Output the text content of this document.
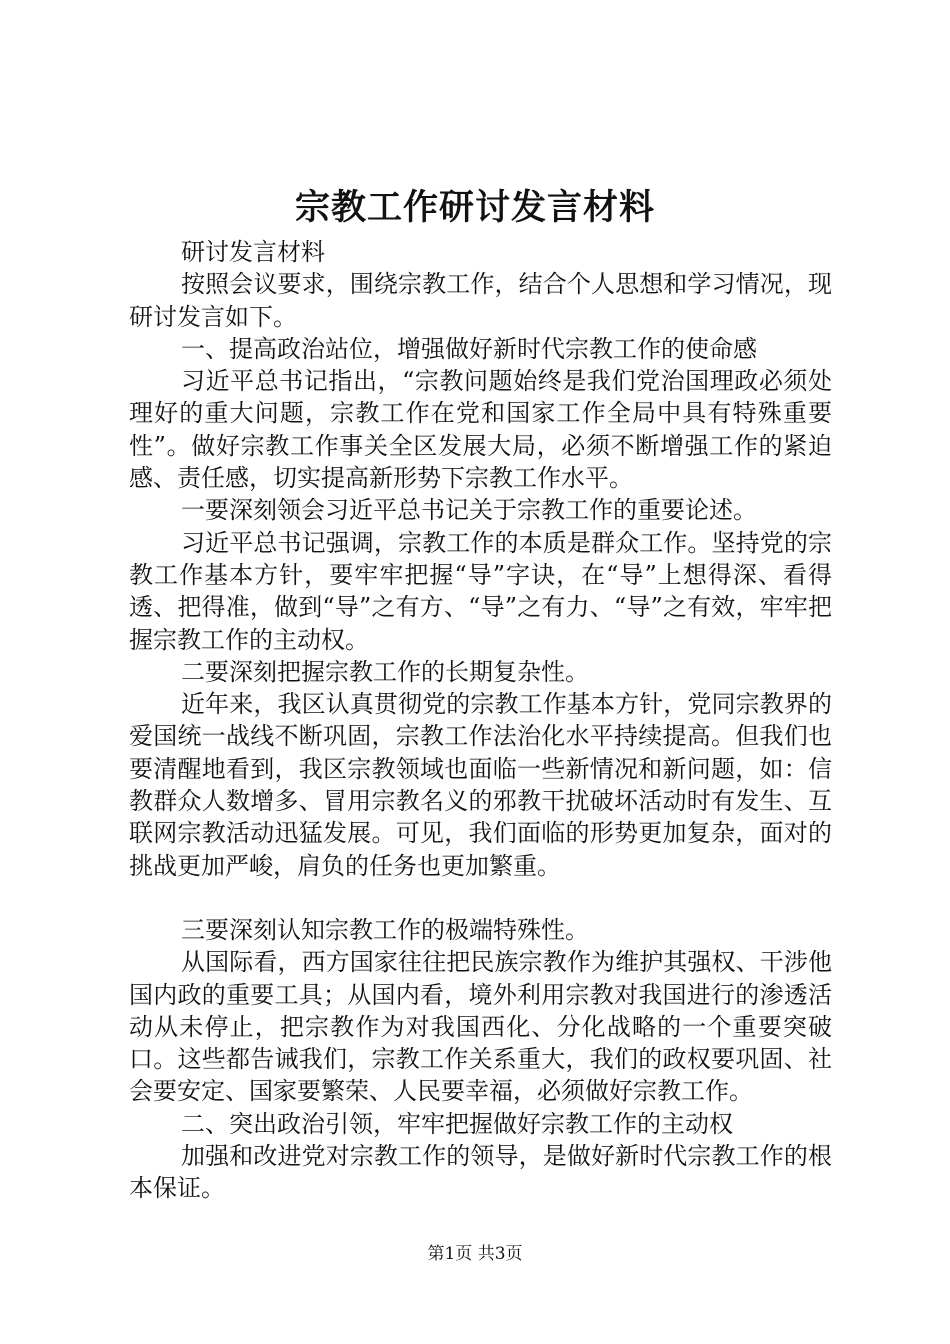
宗教工作研讨发言材料

研讨发言材料

按照会议要求，围绕宗教工作，结合个人思想和学习情况，现研讨发言如下。

一、提高政治站位，增强做好新时代宗教工作的使命感

习近平总书记指出，“宗教问题始终是我们党治国理政必须处理好的重大问题，宗教工作在党和国家工作全局中具有特殊重要性”。做好宗教工作事关全区发展大局，必须不断增强工作的紧迫感、责任感，切实提高新形势下宗教工作水平。

一要深刻领会习近平总书记关于宗教工作的重要论述。

习近平总书记强调，宗教工作的本质是群众工作。坚持党的宗教工作基本方针，要牢牢把握“导”字诀，在“导”上想得深、看得透、把得准，做到“导”之有方、“导”之有力、“导”之有效，牢牢把握宗教工作的主动权。

二要深刻把握宗教工作的长期复杂性。

近年来，我区认真贯彻党的宗教工作基本方针，党同宗教界的爱国统一战线不断巩固，宗教工作法治化水平持续提高。但我们也要清醒地看到，我区宗教领域也面临一些新情况和新问题，如：信教群众人数增多、冒用宗教名义的邪教干扰破坏活动时有发生、互联网宗教活动迅猛发展。可见，我们面临的形势更加复杂，面对的挑战更加严峻，肩负的任务也更加繁重。

三要深刻认知宗教工作的极端特殊性。

从国际看，西方国家往往把民族宗教作为维护其强权、干涉他国内政的重要工具；从国内看，境外利用宗教对我国进行的渗透活动从未停止，把宗教作为对我国西化、分化战略的一个重要突破口。这些都告诫我们，宗教工作关系重大，我们的政权要巩固、社会要安定、国家要繁荣、人民要幸福，必须做好宗教工作。

二、突出政治引领，牢牢把握做好宗教工作的主动权

加强和改进党对宗教工作的领导，是做好新时代宗教工作的根本保证。

第1页 共3页
